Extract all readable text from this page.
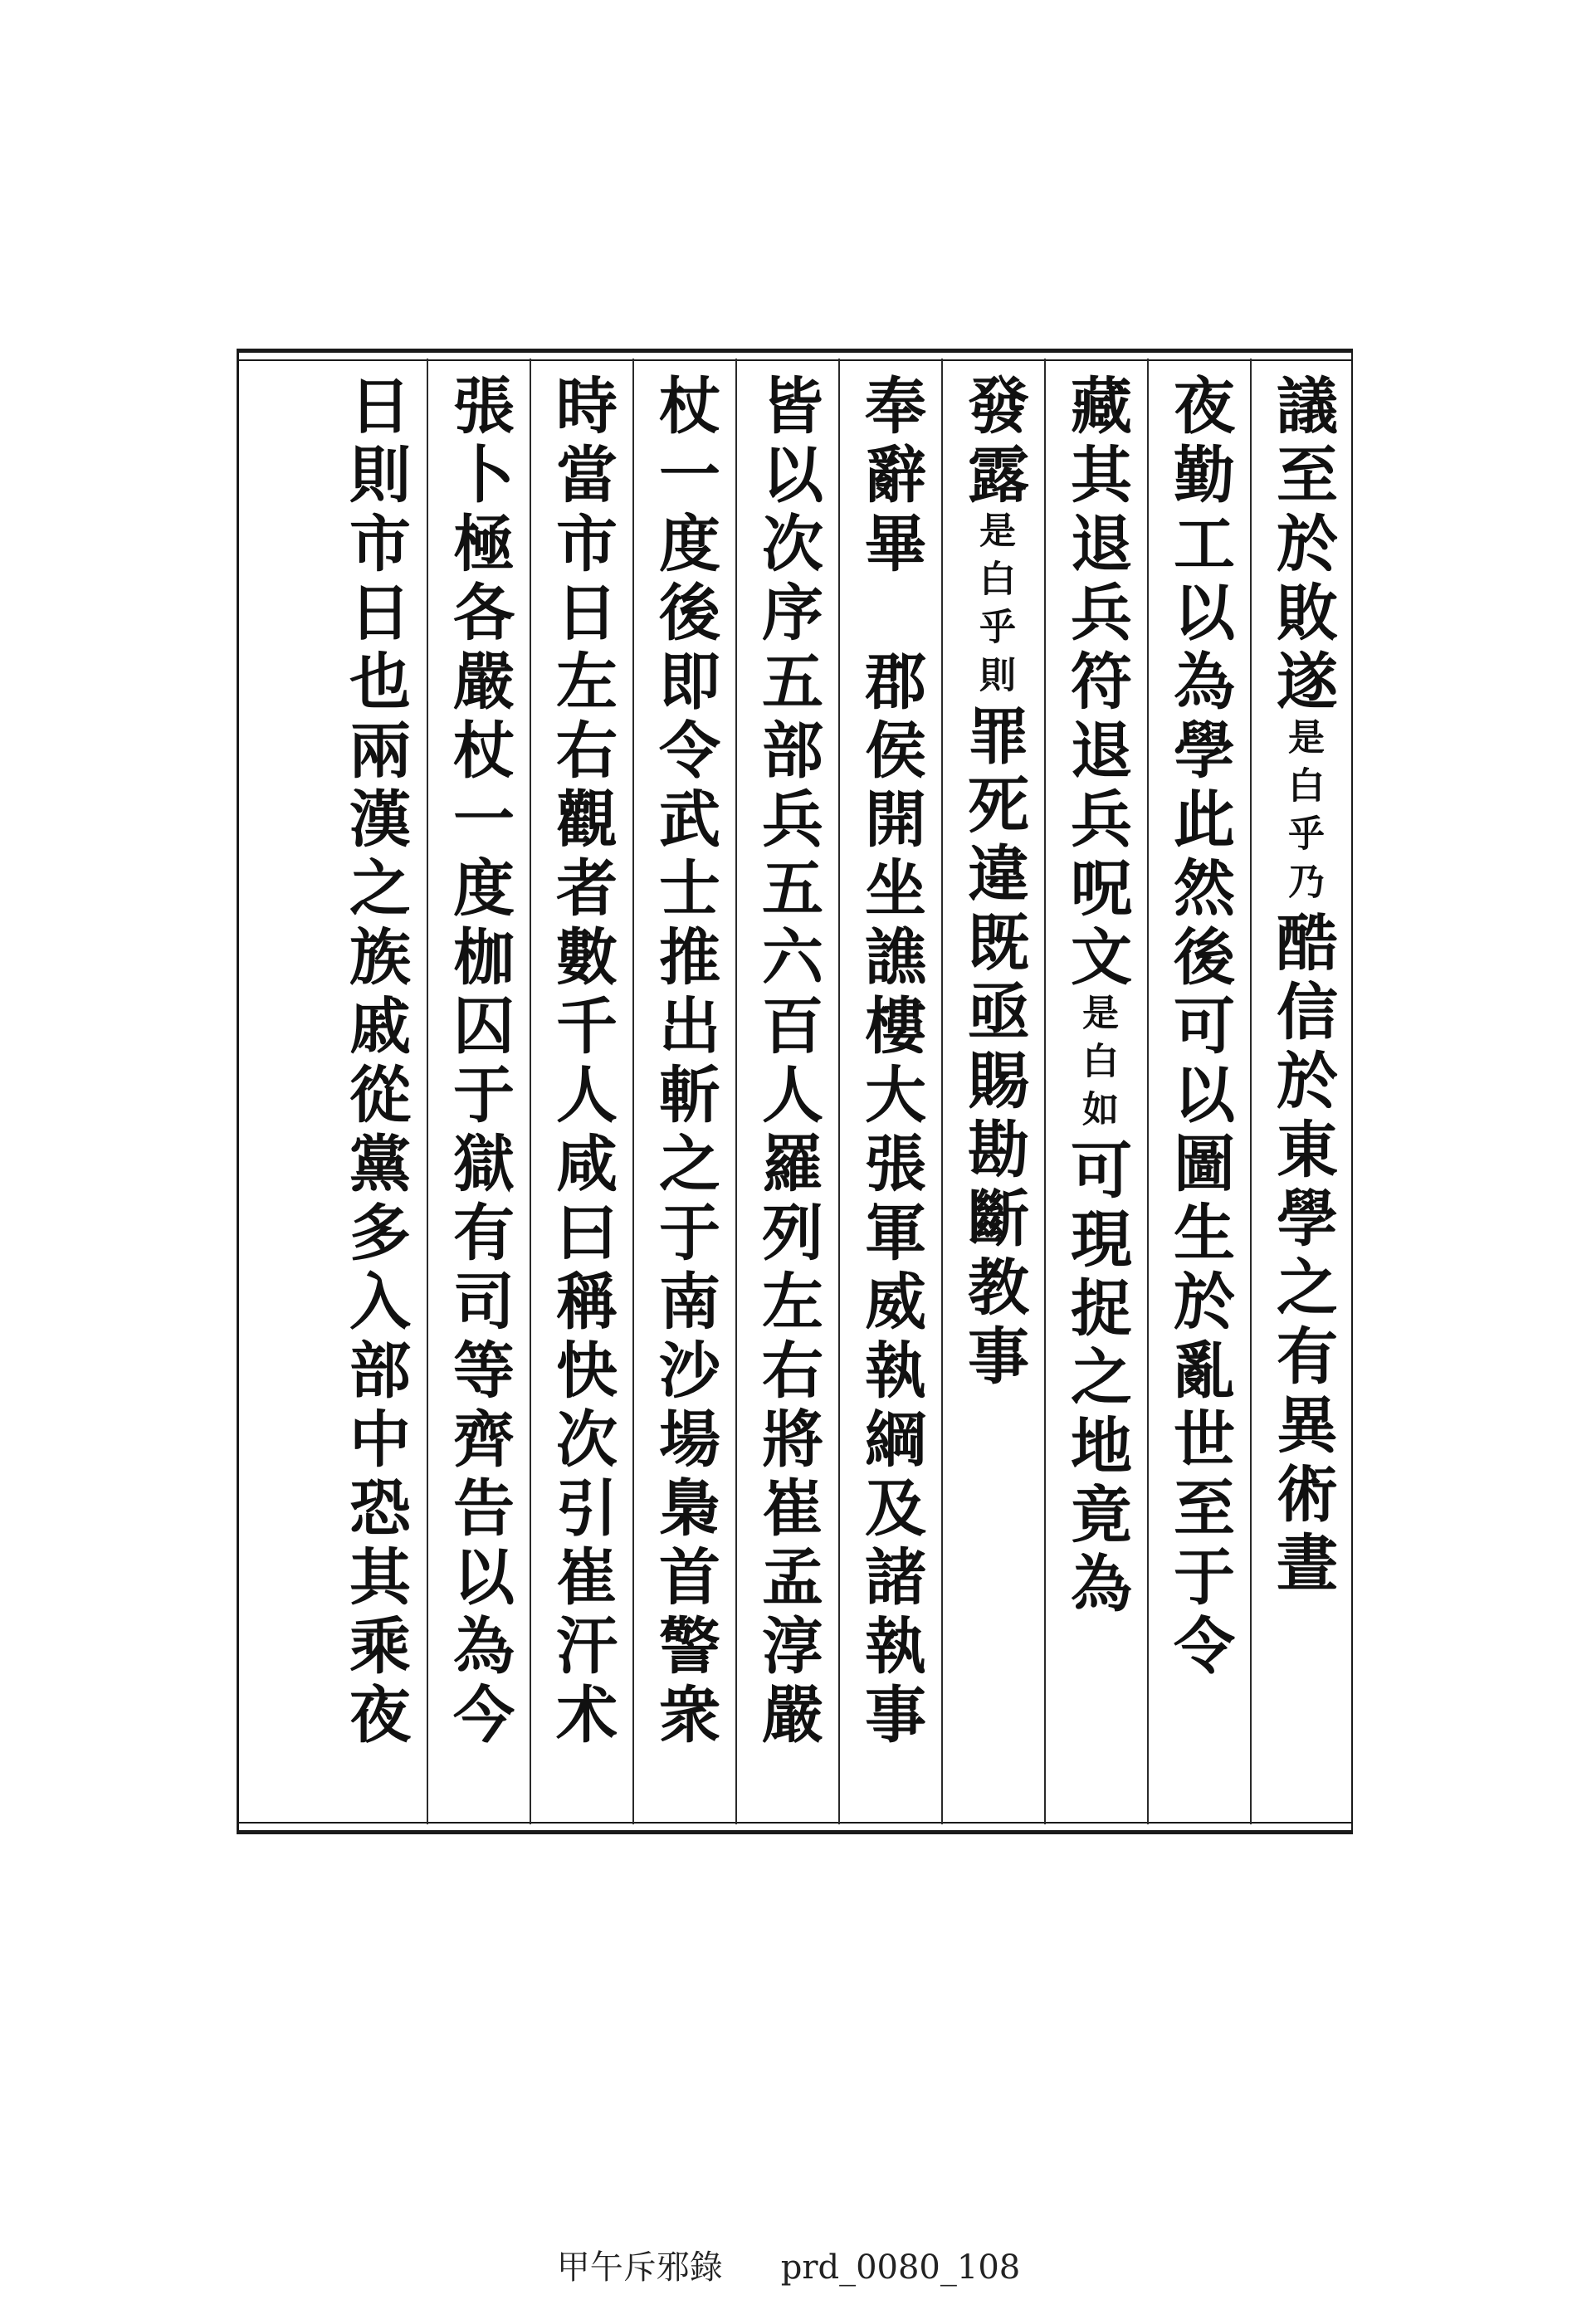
議至於敗遂是白乎乃酷信於東學之有異術晝
夜勤工以為學此然後可以圖生於亂世至于令
藏其退兵符退兵呪文是白如可現捉之地竟為
發露是白乎則罪死違既亟賜勘斷教事
奉辭畢　郡侯開坐譙樓大張軍威執綱及諸執事
皆以次序五部兵五六百人羅列左右將崔孟淳嚴
杖一度後即令武士推出斬之于南沙場梟首警衆
時當市日左右觀者數千人咸曰稱快次引崔汗术
張卜極各嚴杖一度枷囚于獄有司等齊告以為今
日則市日也兩漢之族戚從黨多入部中恐其乘夜
甲午斥邪錄 prd_0080_108
